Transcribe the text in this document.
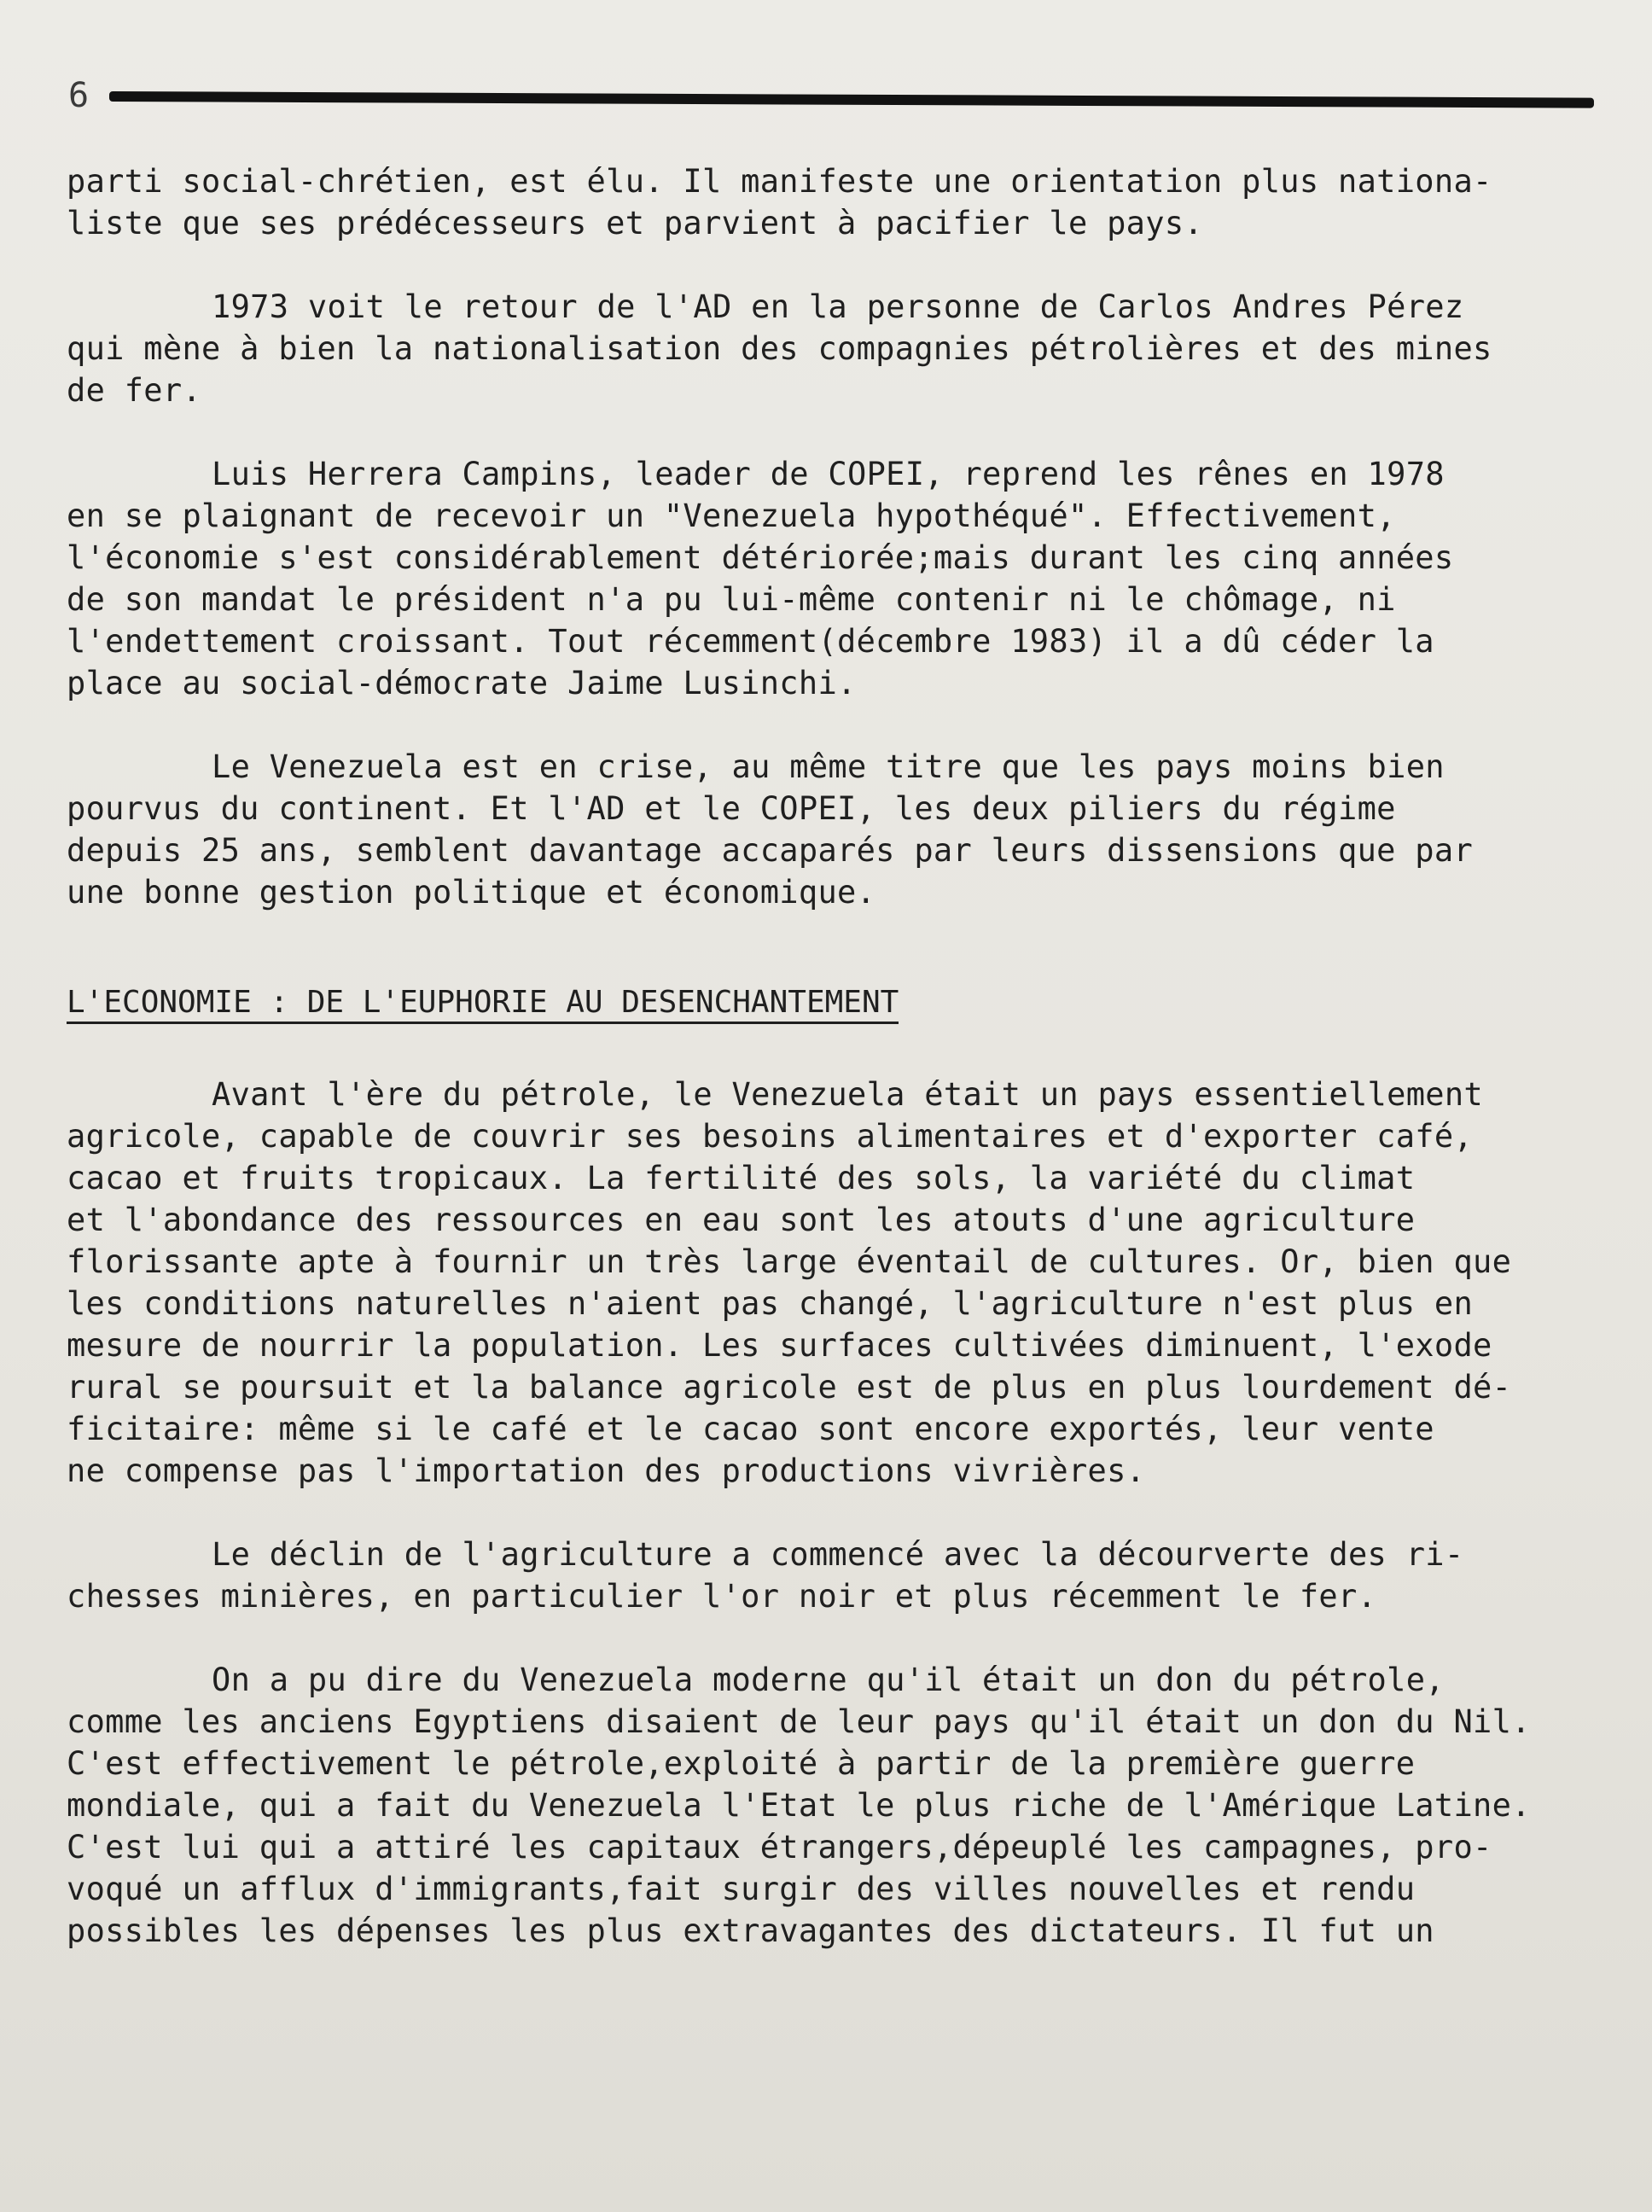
6
parti social-chrétien, est élu. Il manifeste une orientation plus nationa-
liste que ses prédécesseurs et parvient à pacifier le pays.
1973 voit le retour de l'AD en la personne de Carlos Andres Pérez
qui mène à bien la nationalisation des compagnies pétrolières et des mines
de fer.
Luis Herrera Campins, leader de COPEI, reprend les rênes en 1978
en se plaignant de recevoir un "Venezuela hypothéqué". Effectivement,
l'économie s'est considérablement détériorée;mais durant les cinq années
de son mandat le président n'a pu lui-même contenir ni le chômage, ni
l'endettement croissant. Tout récemment(décembre 1983) il a dû céder la
place au social-démocrate Jaime Lusinchi.
Le Venezuela est en crise, au même titre que les pays moins bien
pourvus du continent. Et l'AD et le COPEI, les deux piliers du régime
depuis 25 ans, semblent davantage accaparés par leurs dissensions que par
une bonne gestion politique et économique.
L'ECONOMIE : DE L'EUPHORIE AU DESENCHANTEMENT
Avant l'ère du pétrole, le Venezuela était un pays essentiellement
agricole, capable de couvrir ses besoins alimentaires et d'exporter café,
cacao et fruits tropicaux. La fertilité des sols, la variété du climat
et l'abondance des ressources en eau sont les atouts d'une agriculture
florissante apte à fournir un très large éventail de cultures. Or, bien que
les conditions naturelles n'aient pas changé, l'agriculture n'est plus en
mesure de nourrir la population. Les surfaces cultivées diminuent, l'exode
rural se poursuit et la balance agricole est de plus en plus lourdement dé-
ficitaire: même si le café et le cacao sont encore exportés, leur vente
ne compense pas l'importation des productions vivrières.
Le déclin de l'agriculture a commencé avec la décourverte des ri-
chesses minières, en particulier l'or noir et plus récemment le fer.
On a pu dire du Venezuela moderne qu'il était un don du pétrole,
comme les anciens Egyptiens disaient de leur pays qu'il était un don du Nil.
C'est effectivement le pétrole,exploité à partir de la première guerre
mondiale, qui a fait du Venezuela l'Etat le plus riche de l'Amérique Latine.
C'est lui qui a attiré les capitaux étrangers,dépeuplé les campagnes, pro-
voqué un afflux d'immigrants,fait surgir des villes nouvelles et rendu
possibles les dépenses les plus extravagantes des dictateurs. Il fut un
